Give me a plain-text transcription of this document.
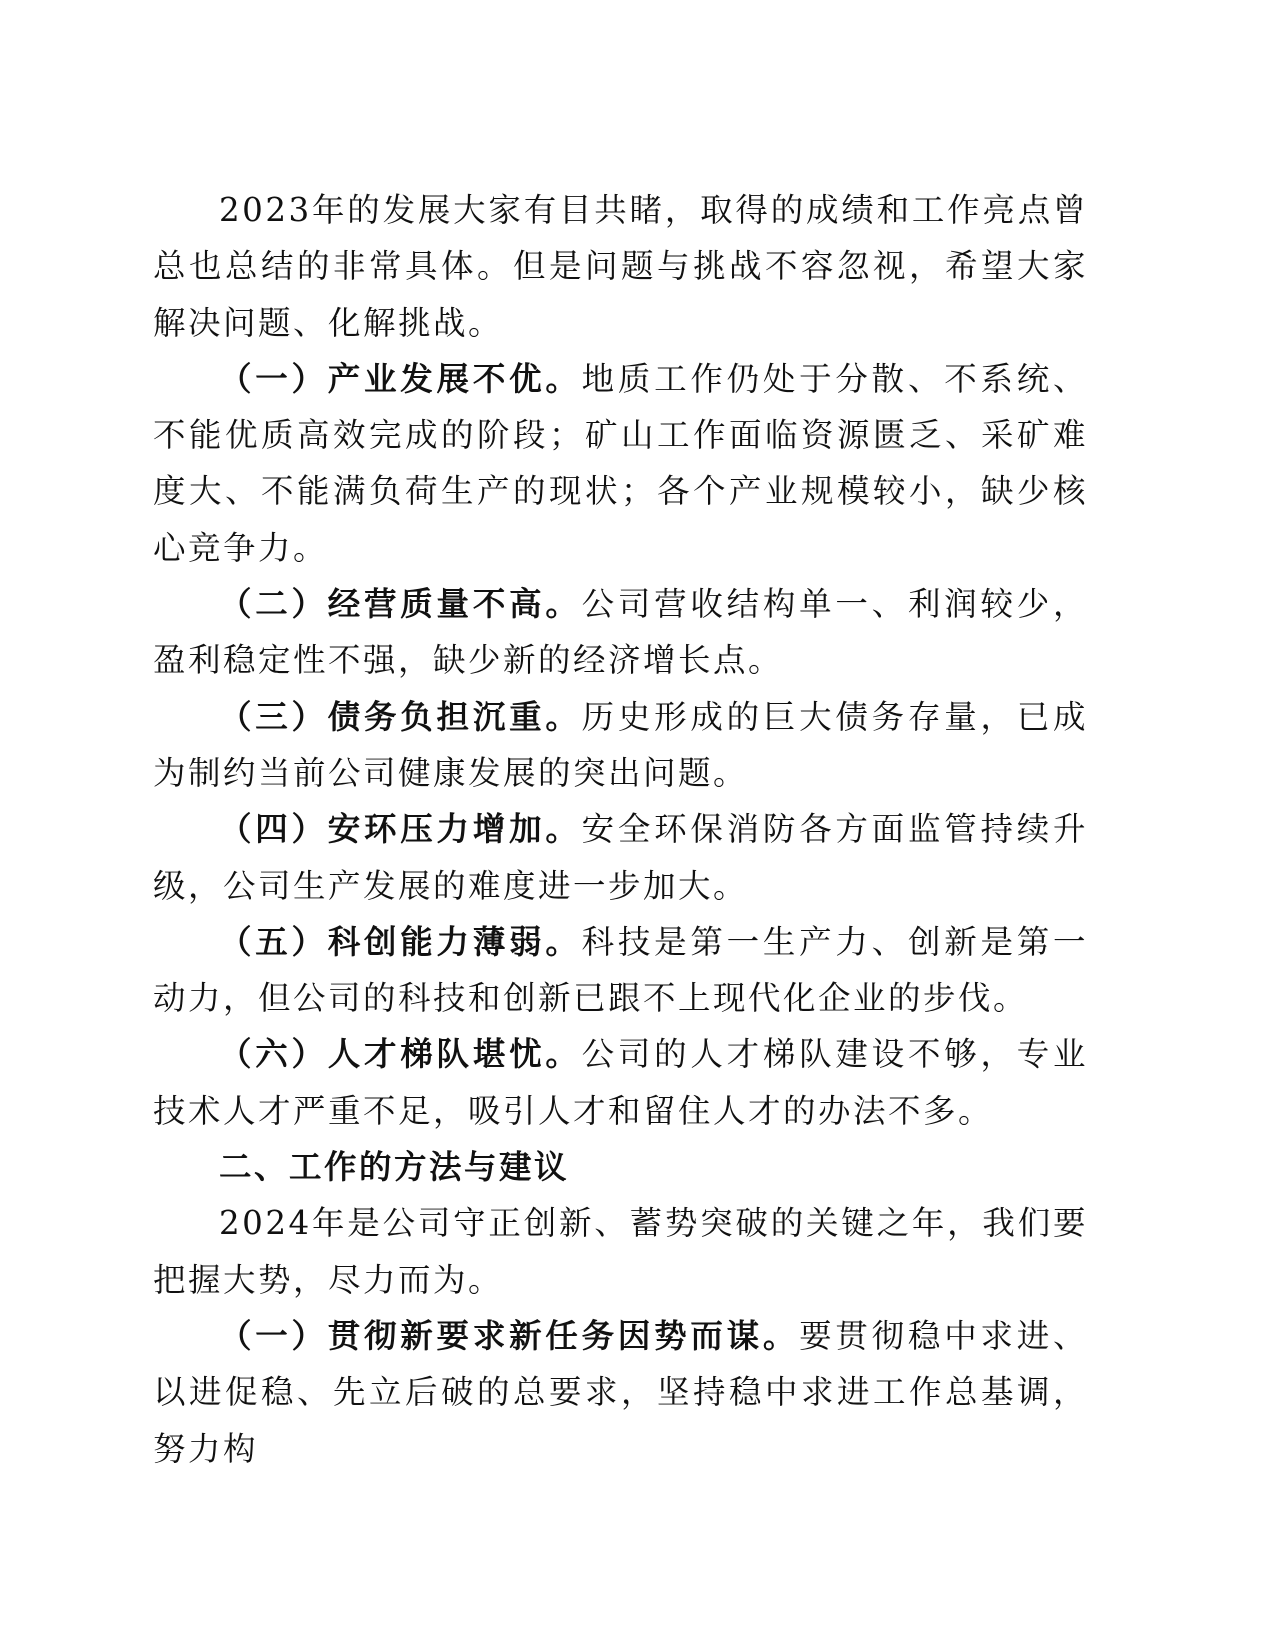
2023年的发展大家有目共睹，取得的成绩和工作亮点曾总也总结的非常具体。但是问题与挑战不容忽视，希望大家解决问题、化解挑战。

（一）产业发展不优。地质工作仍处于分散、不系统、不能优质高效完成的阶段；矿山工作面临资源匮乏、采矿难度大、不能满负荷生产的现状；各个产业规模较小，缺少核心竞争力。

（二）经营质量不高。公司营收结构单一、利润较少，盈利稳定性不强，缺少新的经济增长点。

（三）债务负担沉重。历史形成的巨大债务存量，已成为制约当前公司健康发展的突出问题。

（四）安环压力增加。安全环保消防各方面监管持续升级，公司生产发展的难度进一步加大。

（五）科创能力薄弱。科技是第一生产力、创新是第一动力，但公司的科技和创新已跟不上现代化企业的步伐。

（六）人才梯队堪忧。公司的人才梯队建设不够，专业技术人才严重不足，吸引人才和留住人才的办法不多。

二、工作的方法与建议

2024年是公司守正创新、蓄势突破的关键之年，我们要把握大势，尽力而为。

（一）贯彻新要求新任务因势而谋。要贯彻稳中求进、以进促稳、先立后破的总要求，坚持稳中求进工作总基调，努力构
